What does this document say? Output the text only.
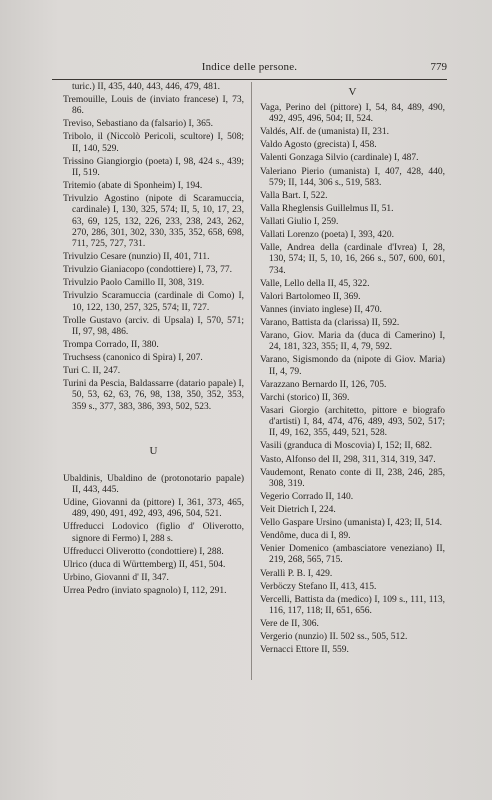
Indice delle persone.	779

turic.) II, 435, 440, 443, 446, 479, 481.

Tremouille, Louis de (inviato francese) I, 73, 86.

Treviso, Sebastiano da (falsario) I, 365.

Tribolo, il (Niccolò Pericoli, scultore) I, 508; II, 140, 529.

Trissino Giangiorgio (poeta) I, 98, 424 s., 439; II, 519.

Tritemio (abate di Sponheim) I, 194.

Trivulzio Agostino (nipote di Scaramuccia, cardinale) I, 130, 325, 574; II, 5, 10, 17, 23, 63, 69, 125, 132, 226, 233, 238, 243, 262, 270, 286, 301, 302, 330, 335, 352, 658, 698, 711, 725, 727, 731.

Trivulzio Cesare (nunzio) II, 401, 711.

Trivulzio Gianiacopo (condottiere) I, 73, 77.

Trivulzio Paolo Camillo II, 308, 319.

Trivulzio Scaramuccia (cardinale di Como) I, 10, 122, 130, 257, 325, 574; II, 727.

Trolle Gustavo (arciv. di Upsala) I, 570, 571; II, 97, 98, 486.

Trompa Corrado, II, 380.

Truchsess (canonico di Spira) I, 207.

Turi C. II, 247.

Turini da Pescia, Baldassarre (datario papale) I, 50, 53, 62, 63, 76, 98, 138, 350, 352, 353, 359 s., 377, 383, 386, 393, 502, 523.

U

Ubaldinis, Ubaldino de (protonotario papale) II, 443, 445.

Udine, Giovanni da (pittore) I, 361, 373, 465, 489, 490, 491, 492, 493, 496, 504, 521.

Uffreducci Lodovico (figlio d' Oliverotto, signore di Fermo) I, 288 s.

Uffreducci Oliverotto (condottiere) I, 288.

Ulrico (duca di Württemberg) II, 451, 504.

Urbino, Giovanni d' II, 347.

Urrea Pedro (inviato spagnolo) I, 112, 291.

V

Vaga, Perino del (pittore) I, 54, 84, 489, 490, 492, 495, 496, 504; II, 524.

Valdés, Alf. de (umanista) II, 231.

Valdo Agosto (grecista) I, 458.

Valenti Gonzaga Silvio (cardinale) I, 487.

Valeriano Pierio (umanista) I, 407, 428, 440, 579; II, 144, 306 s., 519, 583.

Valla Bart. I, 522.

Valla Rheglensis Guillelmus II, 51.

Vallati Giulio I, 259.

Vallati Lorenzo (poeta) I, 393, 420.

Valle, Andrea della (cardinale d'Ivrea) I, 28, 130, 574; II, 5, 10, 16, 266 s., 507, 600, 601, 734.

Valle, Lello della II, 45, 322.

Valori Bartolomeo II, 369.

Vannes (inviato inglese) II, 470.

Varano, Battista da (clarissa) II, 592.

Varano, Giov. Maria da (duca di Camerino) I, 24, 181, 323, 355; II, 4, 79, 592.

Varano, Sigismondo da (nipote di Giov. Maria) II, 4, 79.

Varazzano Bernardo II, 126, 705.

Varchi (storico) II, 369.

Vasari Giorgio (architetto, pittore e biografo d'artisti) I, 84, 474, 476, 489, 493, 502, 517; II, 49, 162, 355, 449, 521, 528.

Vasili (granduca di Moscovia) I, 152; II, 682.

Vasto, Alfonso del II, 298, 311, 314, 319, 347.

Vaudemont, Renato conte di II, 238, 246, 285, 308, 319.

Vegerio Corrado II, 140.

Veit Dietrich I, 224.

Vello Gaspare Ursino (umanista) I, 423; II, 514.

Vendôme, duca di I, 89.

Venier Domenico (ambasciatore veneziano) II, 219, 268, 565, 715.

Verallì P. B. I, 429.

Verböczy Stefano II, 413, 415.

Vercelli, Battista da (medico) I, 109 s., 111, 113, 116, 117, 118; II, 651, 656.

Vere de II, 306.

Vergerio (nunzio) II. 502 ss., 505, 512.

Vernacci Ettore II, 559.
